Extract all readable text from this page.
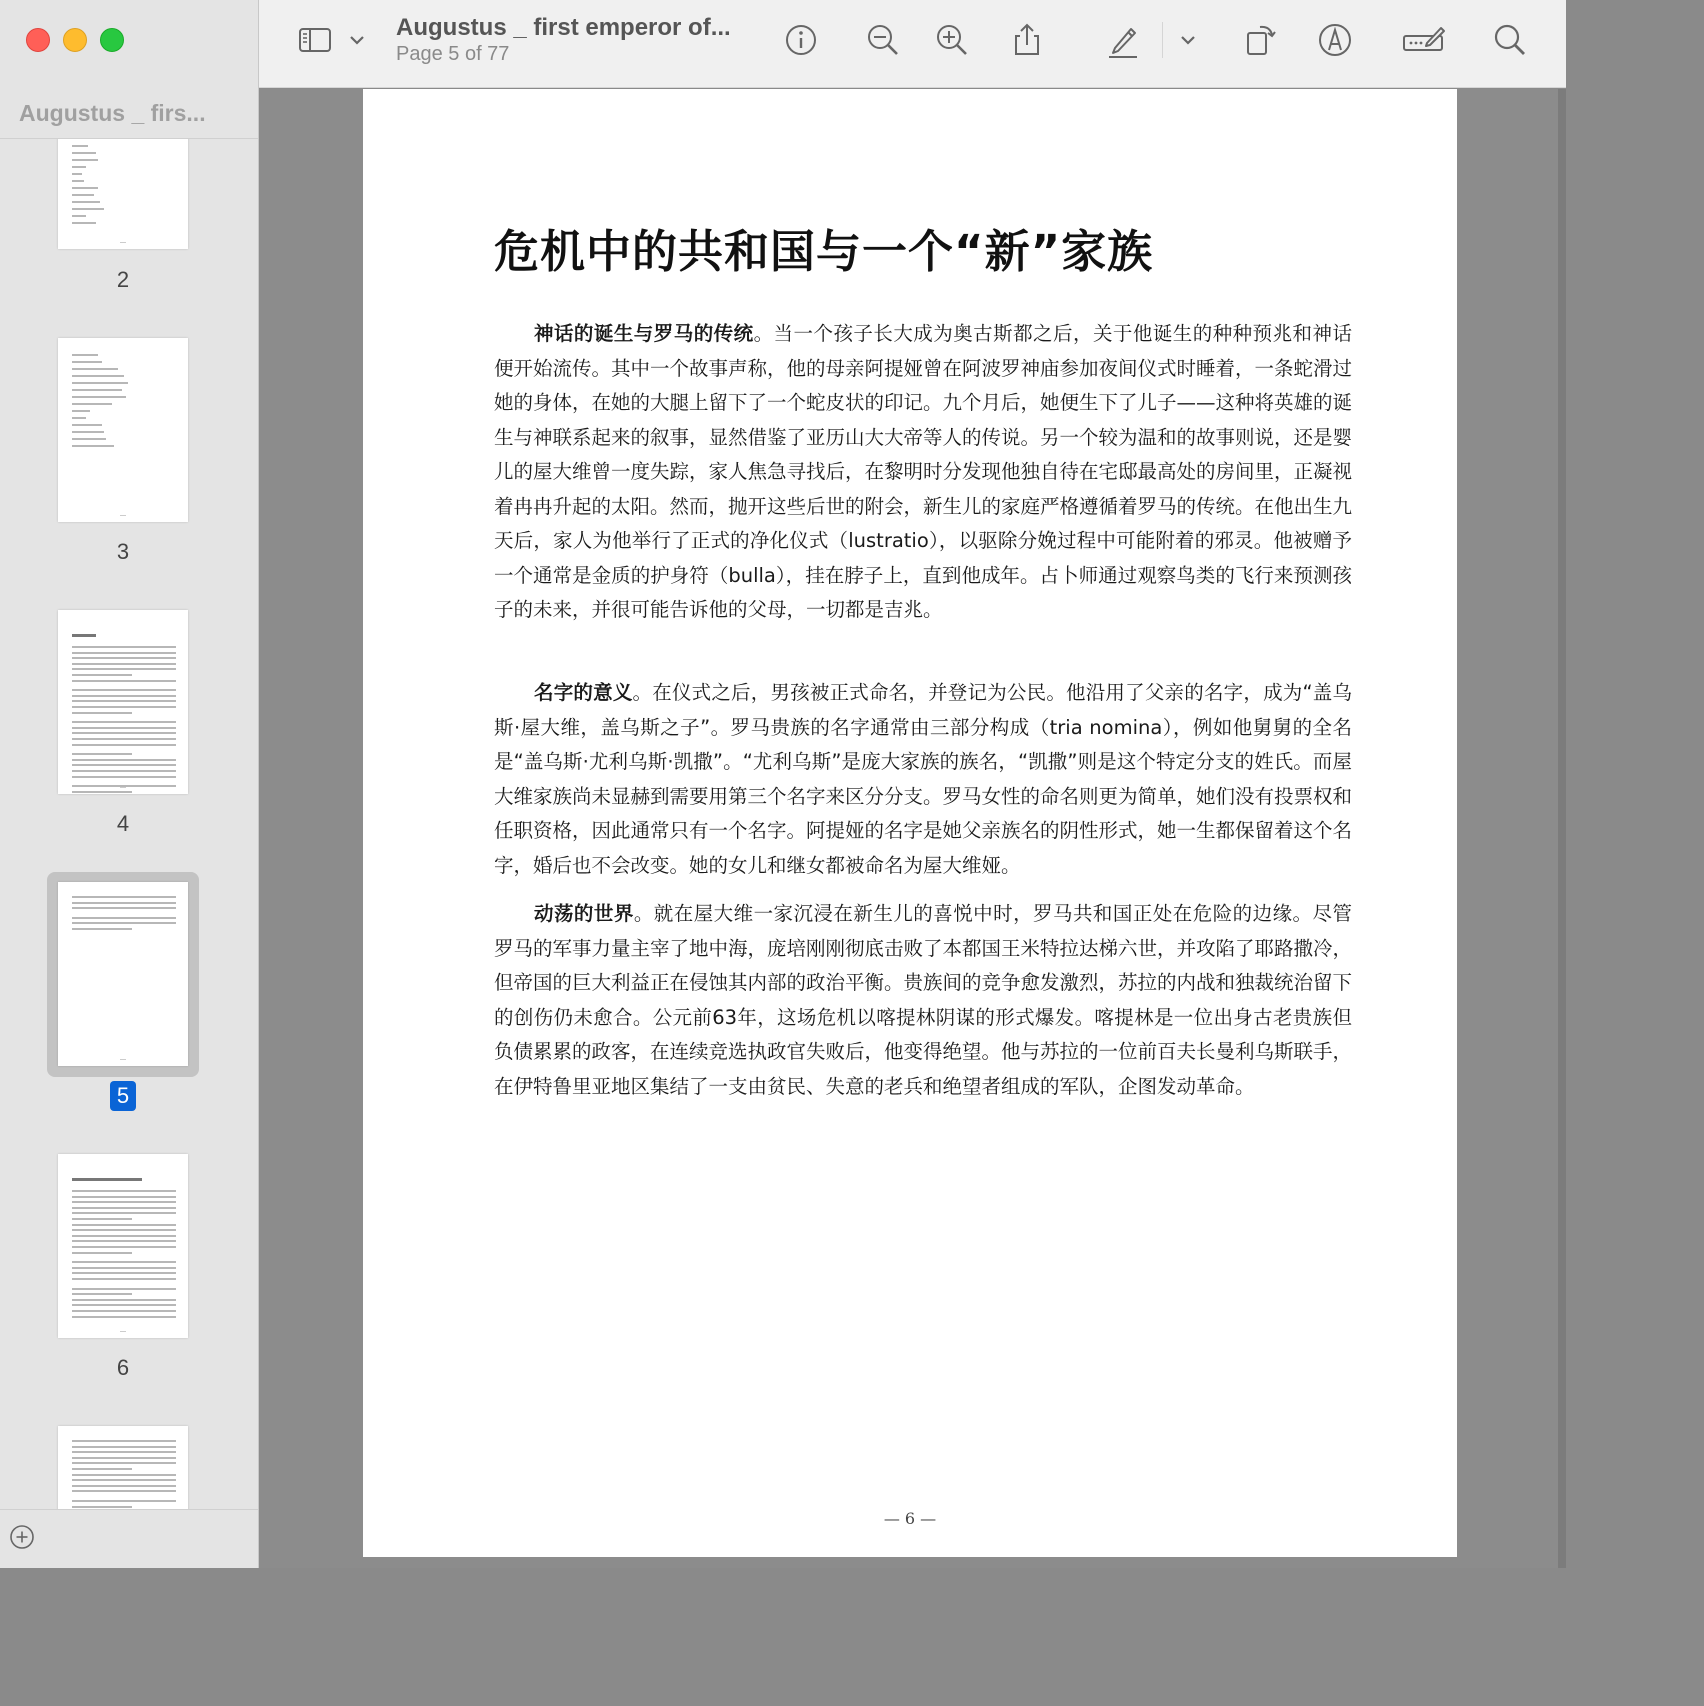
Augustus _ firs...
2
3
4
5
6
Augustus _ first emperor of...
Page 5 of 77
危机中的共和国与一个“新”家族

神话的诞生与罗马的传统。当一个孩子长大成为奥古斯都之后，关于他诞生的种种预兆和神话便开始流传。其中一个故事声称，他的母亲阿提娅曾在阿波罗神庙参加夜间仪式时睡着，一条蛇滑过她的身体，在她的大腿上留下了一个蛇皮状的印记。九个月后，她便生下了儿子——这种将英雄的诞生与神联系起来的叙事，显然借鉴了亚历山大大帝等人的传说。另一个较为温和的故事则说，还是婴儿的屋大维曾一度失踪，家人焦急寻找后，在黎明时分发现他独自待在宅邸最高处的房间里，正凝视着冉冉升起的太阳。然而，抛开这些后世的附会，新生儿的家庭严格遵循着罗马的传统。在他出生九天后，家人为他举行了正式的净化仪式（lustratio），以驱除分娩过程中可能附着的邪灵。他被赠予一个通常是金质的护身符（bulla），挂在脖子上，直到他成年。占卜师通过观察鸟类的飞行来预测孩子的未来，并很可能告诉他的父母，一切都是吉兆。

名字的意义。在仪式之后，男孩被正式命名，并登记为公民。他沿用了父亲的名字，成为“盖乌斯·屋大维，盖乌斯之子”。罗马贵族的名字通常由三部分构成（tria nomina），例如他舅舅的全名是“盖乌斯·尤利乌斯·凯撒”。“尤利乌斯”是庞大家族的族名，“凯撒”则是这个特定分支的姓氏。而屋大维家族尚未显赫到需要用第三个名字来区分分支。罗马女性的命名则更为简单，她们没有投票权和任职资格，因此通常只有一个名字。阿提娅的名字是她父亲族名的阴性形式，她一生都保留着这个名字，婚后也不会改变。她的女儿和继女都被命名为屋大维娅。

动荡的世界。就在屋大维一家沉浸在新生儿的喜悦中时，罗马共和国正处在危险的边缘。尽管罗马的军事力量主宰了地中海，庞培刚刚彻底击败了本都国王米特拉达梯六世，并攻陷了耶路撒冷，但帝国的巨大利益正在侵蚀其内部的政治平衡。贵族间的竞争愈发激烈，苏拉的内战和独裁统治留下的创伤仍未愈合。公元前63年，这场危机以喀提林阴谋的形式爆发。喀提林是一位出身古老贵族但负债累累的政客，在连续竞选执政官失败后，他变得绝望。他与苏拉的一位前百夫长曼利乌斯联手，在伊特鲁里亚地区集结了一支由贫民、失意的老兵和绝望者组成的军队，企图发动革命。

— 6 —
